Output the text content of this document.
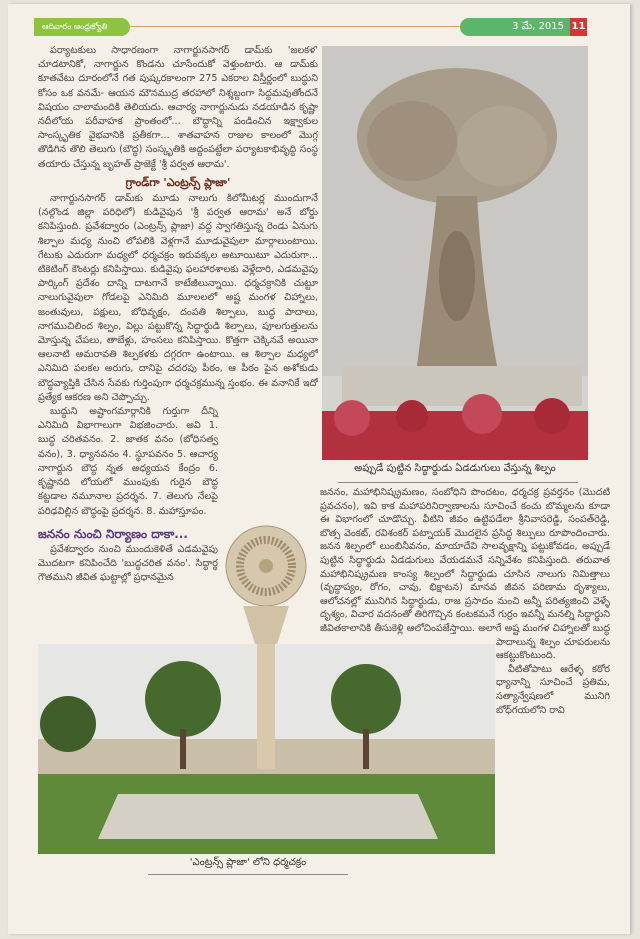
ఆదివారం ఆంధ్రజ్యోతి	3 మే, 2015 11

పర్యాటకులు సాధారణంగా నాగార్జునసాగర్ డామ్‌కు 'జలకళ' చూడటానికో, నాగార్జున కొండను చూసేందుకో వెళ్తుంటారు. ఆ డామ్‌కు కూతవేటు దూరంలోనే గత పుష్కరకాలంగా 275 ఎకరాల విస్తీర్ణంలో బుద్ధుని కోసం ఒక వనమే- ఆయన మౌనముద్ర తరహాలో నిశ్శబ్దంగా సిద్ధమవుతోందనే విషయం చాలామందికి తెలియదు. ఆచార్య నాగార్జునుడు నడయాడిన కృష్ణా నదీలోయ పరీవాహక ప్రాంతంలో... బౌద్ధాన్ని పండించిన ఇక్ష్వాకుల సాంస్కృతిక వైభవానికి ప్రతీకగా... శాతవాహన రాజుల కాలంలో మొగ్గ తొడిగిన తొలి తెలుగు (బౌద్ధ) సంస్కృతికి అద్దంపట్టేలా పర్యాటకాభివృద్ధి సంస్థ తయారు చేస్తున్న బృహత్ ప్రాజెక్టే 'శ్రీ పర్వత ఆరామ'.

గ్రాండ్‌గా 'ఎంట్రన్స్ ప్లాజా'

నాగార్జునసాగర్ డామ్‌కు మూడు నాలుగు కిలోమీటర్ల ముందుగానే (నల్గొండ జిల్లా పరిధిలో) కుడివైపున 'శ్రీ పర్వత ఆరామ' అనే బోర్డు కనిపిస్తుంది. ప్రవేశద్వారం (ఎంట్రన్స్ ప్లాజా) వద్ద స్వాగతిస్తున్న రెండు ఏనుగు శిల్పాల మధ్య నుంచి లోపలికి వెళ్లగానే మూడువైపులా మార్గాలుంటాయి. గేటుకు ఎదురుగా మధ్యలో ధర్మచక్రం ఇరువక్కల అటూయిటూ ఎదురుగా... టికెటింగ్ కౌంటర్లు కనిపిస్తాయి. కుడివైపు ఫలహారశాలకు వెళ్లేదారి, ఎడమవైపు పార్కింగ్ ప్రదేశం దాన్ని దాటగానే కాటేజీలున్నాయి. ధర్మచక్రానికి చుట్టూ నాలుగువైపులా గోడలపై ఎనిమిది మూలలలో అష్ట మంగళ చిహ్నాలు, జంతువులు, పక్షులు, బోధివృక్షం, దంపతి శిల్పాలు, బుద్ధ పాదాలు, నాగముచిలింద శిల్పం, విల్లు పట్టుకొన్న సిద్ధార్థుడి శిల్పాలు, పూలగుత్తులను మోస్తున్న చేపలు, తాబేళ్లు, హంసలు కనిపిస్తాయి. కొత్తగా చెక్కినవే అయినా ఆలనాటి అమరావతి శిల్పకళకు దగ్గరగా ఉంటాయి. ఆ శిల్పాల మధ్యలో ఎనిమిది పలకల అరుగు, దానిపై చదరపు పీఠం, ఆ పీఠం పైన అశోకుడు బౌద్ధవ్యాప్తికి చేసిన సేవకు గుర్తింపుగా ధర్మచక్రమున్న స్తంభం. ఈ వనానికే ఇదో ప్రత్యేక ఆకరణ అని చెప్పొచ్చు.

బుద్ధుని అష్టాంగమార్గానికి గుర్తుగా దీన్ని ఎనిమిది విభాగాలుగా విభజించారు. అవి 1. బుద్ధ చరితవనం. 2. జాతక వనం (బోధిసత్వ వనం), 3. ధ్యానవనం 4. స్థూపవనం 5. ఆచార్య నాగార్జున బౌద్ధ న్నత అధ్యయన కేంద్రం 6. కృష్ణానది లోయలో ముంపుకు గురైన బౌద్ధ కట్టడాల నమూనాల ప్రదర్శన. 7. తెలుగు నేలపై పరిఢవిల్లిన బౌద్ధంపై ప్రదర్శన. 8. మహాస్తూపం.

జననం నుంచి నిర్యాణం దాకా...

ప్రవేశద్వారం నుంచి ముందుకెళితే ఎడమవైపు మొదటగా కనిపించేది 'బుద్ధచరిత వనం'. సిద్ధార్థ గౌతముని జీవిత ఘట్టాల్లో ప్రధానమైన

అప్పుడే పుట్టిన సిద్ధార్థుడు ఏడడుగులు వేస్తున్న శిల్పం

జననం, మహాభినిష్క్రమణం, సంబోధిని పొందటం, ధర్మచక్ర ప్రవర్తనం (మొదటి ప్రవచనం), ఇవి కాక మహాపరినిర్వాణాలను సూచించే కంచు బొమ్మలను కూడా ఈ విభాగంలో చూడొచ్చు. వీటిని జీవం ఉట్టిపడేలా శ్రీనివాసరెడ్డి, సంపత్‌రెడ్డి, బొత్స వెంకట్, రవిశంకర్ పట్నాయక్ మొదలైన ప్రసిద్ధ శిల్పులు రూపొందించారు. జనన శిల్పంలో లుంబినీవనం, మాయాదేవి సాలవృక్షాన్ని పట్టుకోవడం, అప్పుడే పుట్టిన సిద్ధార్థుడు ఏడడుగులు వేయడమనే సన్నివేశం కనిపిస్తుంది. తరువాత మహాభినిష్క్రమణ కాంస్య శిల్పంలో సిద్ధార్థుడు చూసిన నాలుగు నిమిత్తాలు (వృద్ధాప్యం, రోగం, చావు, భిక్షాటన) మానవ జీవన పరిణామ దృశ్యాలు, ఆలోచనల్లో మునిగిన సిద్ధార్థుడు, రాజ ప్రసాదం నుంచి అన్నీ పరిత్యజించి వెళ్ళే దృశ్యం, విచార వదనంతో తిరిగొచ్చిన కంటకమనే గుర్రం ఇవన్నీ మనల్ని సిద్ధార్థుని జీవితకాలానికి తీసుకెళ్లి ఆలోచింపజేస్తాయి. అలాగే అష్ట మంగళ చిహ్నాలతో బుద్ధ పాదాలున్న శిల్పం చూపరులను ఆకట్టుకొంటుంది.

వీటితోపాటు ఆరేళ్ళ కఠోర ధ్యానాన్ని సూచించే ప్రతిమ, సత్యాన్వేషణలో మునిగి బోధ్‌గయలోని రావి

'ఎంట్రన్స్ ప్లాజా' లోని ధర్మచక్రం
